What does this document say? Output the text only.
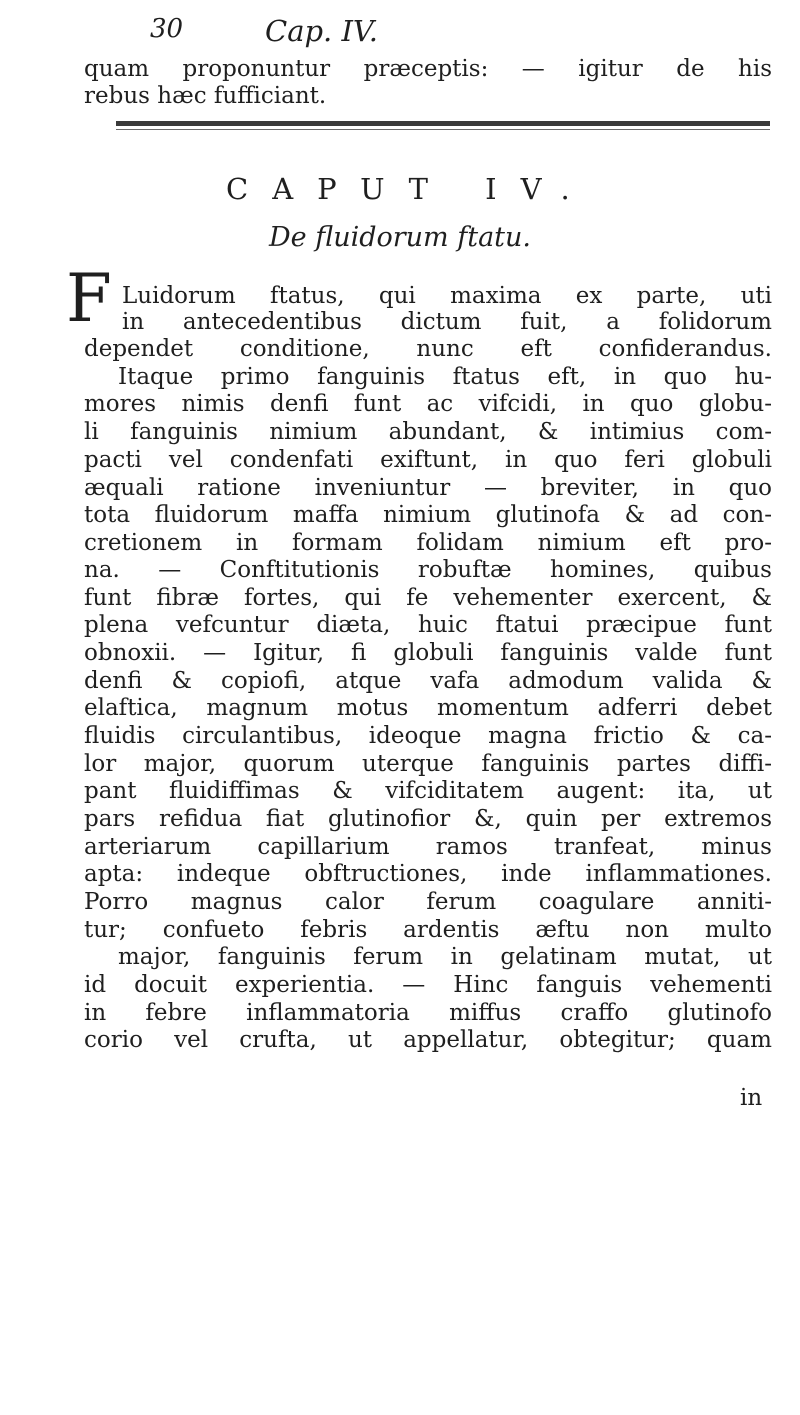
30	Cap. IV.
quam proponuntur præceptis: — igitur de his
rebus hæc fufficiant.
CAPUT IV.
De fluidorum ftatu.
F Luidorum ftatus, qui maxima ex parte, uti
in antecedentibus dictum fuit, a folidorum
dependet conditione, nunc eft confiderandus.
Itaque primo fanguinis ftatus eft, in quo hu-
mores nimis denfi funt ac vifcidi, in quo globu-
li fanguinis nimium abundant, & intimius com-
pacti vel condenfati exiftunt, in quo feri globuli
æquali ratione inveniuntur — breviter, in quo
tota fluidorum maffa nimium glutinofa & ad con-
cretionem in formam folidam nimium eft pro-
na. — Conftitutionis robuftæ homines, quibus
funt fibræ fortes, qui fe vehementer exercent, &
plena vefcuntur diæta, huic ftatui præcipue funt
obnoxii. — Igitur, fi globuli fanguinis valde funt
denfi & copiofi, atque vafa admodum valida &
elaftica, magnum motus momentum adferri debet
fluidis circulantibus, ideoque magna frictio & ca-
lor major, quorum uterque fanguinis partes diffi-
pant fluidiffimas & vifciditatem augent: ita, ut
pars refidua fiat glutinofior &, quin per extremos
arteriarum capillarium ramos tranfeat, minus
apta: indeque obftructiones, inde inflammationes.
Porro magnus calor ferum coagulare anniti-
tur; confueto febris ardentis æftu non multo
major, fanguinis ferum in gelatinam mutat, ut
id docuit experientia. — Hinc fanguis vehementi
in febre inflammatoria miffus craffo glutinofo
corio vel crufta, ut appellatur, obtegitur; quam
in
